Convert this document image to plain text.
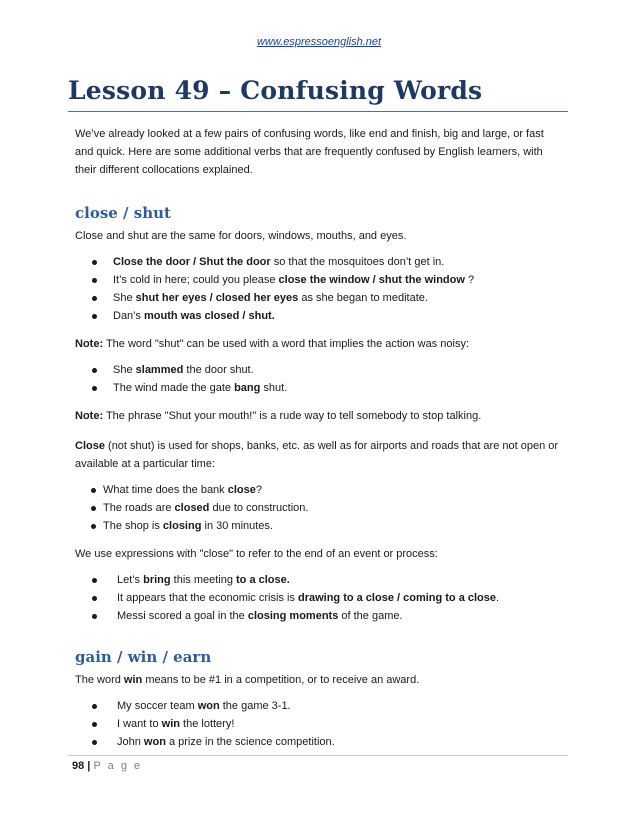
www.espressoenglish.net
Lesson 49 – Confusing Words

We’ve already looked at a few pairs of confusing words, like end and finish, big and large, or fast and quick. Here are some additional verbs that are frequently confused by English learners, with their different collocations explained.

close / shut

Close and shut are the same for doors, windows, mouths, and eyes.

Close the door / Shut the door so that the mosquitoes don’t get in.
It’s cold in here; could you please close the window / shut the window ?
She shut her eyes / closed her eyes as she began to meditate.
Dan’s mouth was closed / shut.

Note: The word "shut" can be used with a word that implies the action was noisy:

She slammed the door shut.
The wind made the gate bang shut.

Note: The phrase "Shut your mouth!" is a rude way to tell somebody to stop talking.

Close (not shut) is used for shops, banks, etc. as well as for airports and roads that are not open or available at a particular time:

What time does the bank close?
The roads are closed due to construction.
The shop is closing in 30 minutes.

We use expressions with "close" to refer to the end of an event or process:

Let’s bring this meeting to a close.
It appears that the economic crisis is drawing to a close / coming to a close.
Messi scored a goal in the closing moments of the game.
gain / win / earn

The word win means to be #1 in a competition, or to receive an award.

My soccer team won the game 3-1.
I want to win the lottery!
John won a prize in the science competition.
98 | P a g e
